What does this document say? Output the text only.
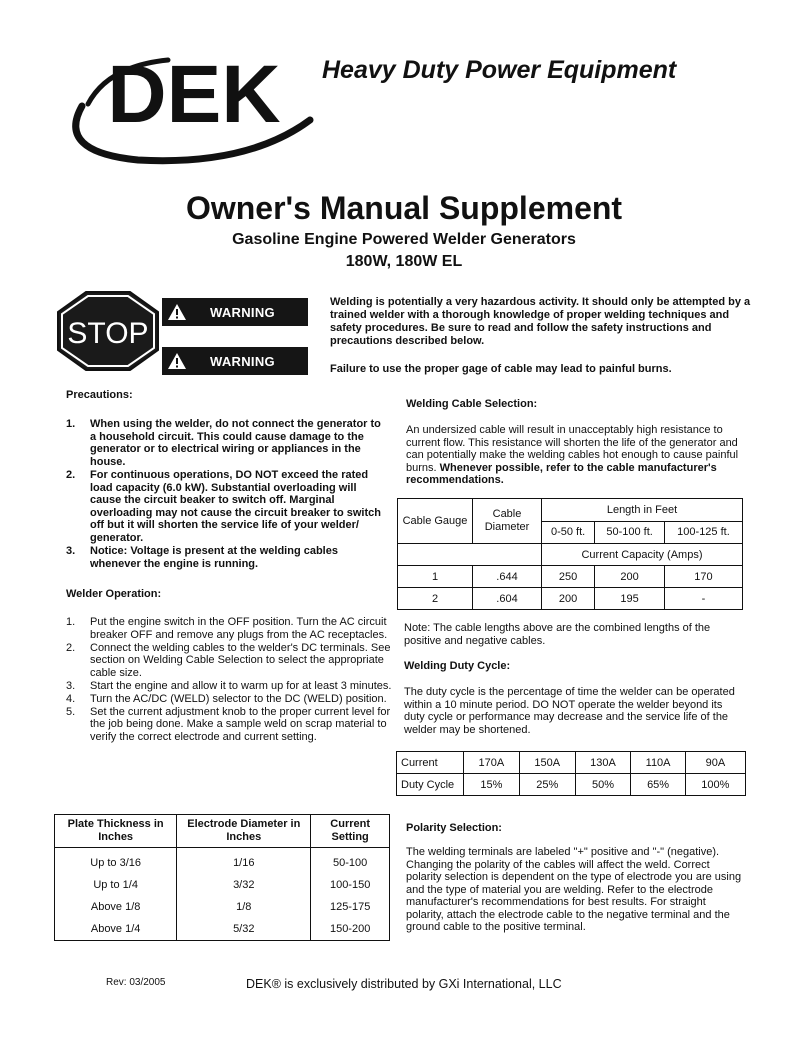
DEK Heavy Duty Power Equipment
Owner's Manual Supplement
Gasoline Engine Powered Welder Generators
180W, 180W EL
STOP
WARNING
WARNING
Welding is potentially a very hazardous activity. It should only be attempted by a trained welder with a thorough knowledge of proper welding techniques and safety procedures. Be sure to read and follow the safety instructions and precautions described below.
Failure to use the proper gage of cable may lead to painful burns.
Precautions:
1. When using the welder, do not connect the generator to a household circuit. This could cause damage to the generator or to electrical wiring or appliances in the house.
2. For continuous operations, DO NOT exceed the rated load capacity (6.0 kW). Substantial overloading will cause the circuit beaker to switch off. Marginal overloading may not cause the circuit breaker to switch off but it will shorten the service life of your welder/ generator.
3. Notice: Voltage is present at the welding cables whenever the engine is running.
Welder Operation:
1. Put the engine switch in the OFF position. Turn the AC circuit breaker OFF and remove any plugs from the AC receptacles.
2. Connect the welding cables to the welder's DC terminals. See section on Welding Cable Selection to select the appropriate cable size.
3. Start the engine and allow it to warm up for at least 3 minutes.
4. Turn the AC/DC (WELD) selector to the DC (WELD) position.
5. Set the current adjustment knob to the proper current level for the job being done. Make a sample weld on scrap material to verify the correct electrode and current setting.
Plate Thickness in Inches	Electrode Diameter in Inches	Current Setting
Up to 3/16	1/16	50-100
Up to 1/4	3/32	100-150
Above 1/8	1/8	125-175
Above 1/4	5/32	150-200
Welding Cable Selection:
An undersized cable will result in unacceptably high resistance to current flow. This resistance will shorten the life of the generator and can potentially make the welding cables hot enough to cause painful burns. Whenever possible, refer to the cable manufacturer's recommendations.
Cable Gauge	Cable Diameter	Length in Feet		
		0-50 ft.	50-100 ft.	100-125 ft.
		Current Capacity (Amps)		
1	.644	250	200	170
2	.604	200	195	-
Note: The cable lengths above are the combined lengths of the positive and negative cables.
Welding Duty Cycle:
The duty cycle is the percentage of time the welder can be operated within a 10 minute period. DO NOT operate the welder beyond its duty cycle or performance may decrease and the service life of the welder may be shortened.
Current	170A	150A	130A	110A	90A
Duty Cycle	15%	25%	50%	65%	100%
Polarity Selection:
The welding terminals are labeled "+" positive and "-" (negative). Changing the polarity of the cables will affect the weld. Correct polarity selection is dependent on the type of electrode you are using and the type of material you are welding. Refer to the electrode manufacturer's recommendations for best results. For straight polarity, attach the electrode cable to the negative terminal and the ground cable to the positive terminal.
Rev: 03/2005	DEK® is exclusively distributed by GXi International, LLC
